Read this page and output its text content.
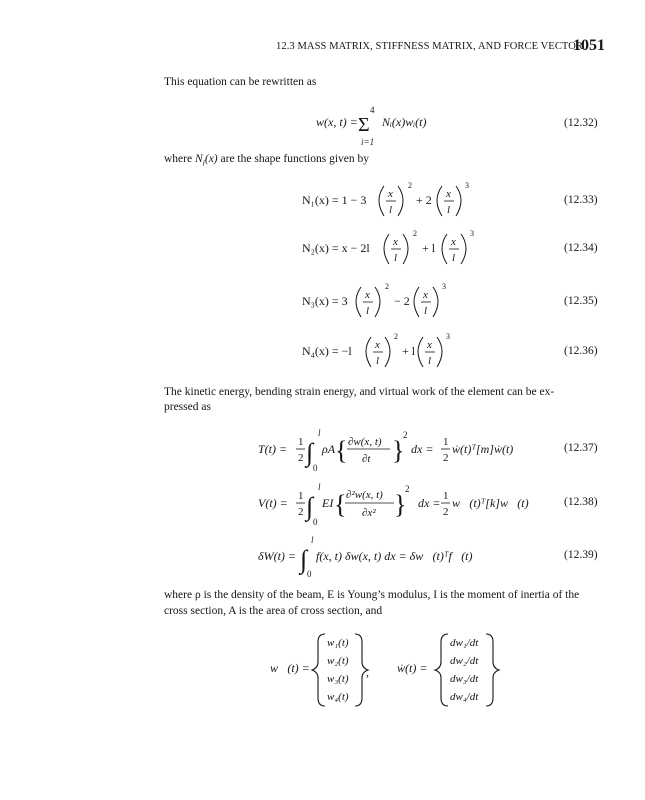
12.3 MASS MATRIX, STIFFNESS MATRIX, AND FORCE VECTOR
1051
This equation can be rewritten as
w(x, t) =
4
Σ
i=1
Nᵢ(x)wᵢ(t)	(12.32)
where $N_i(x)$ are the shape functions given by
N₁(x) = 1 − 3 x
l
2
+ 2 x
l
3
(12.33)
N₂(x) = x − 2l x
l
2
+ l x
l
3
(12.34)
N₃(x) = 3 x
l
2
− 2 x
l
3
(12.35)
N₄(x) = −l x
l
2
+ l x
l
3
(12.36)
The kinetic energy, bending strain energy, and virtual work of the element can be ex-
pressed as
T(t) = 1
2 ∫
l
0
ρA { ∂w(x, t)
∂t }
2
dx = 1
2
ẇ(t)ᵀ[m]ẇ(t)	(12.37)
V(t) = 1
2 ∫
l
0
EI { ∂²w(x, t)
∂x² }
2
dx = 1
2
w⃗(t)ᵀ[k]w⃗(t)	(12.38)
δW(t) = ∫
l
0
f(x, t) δw(x, t) dx = δw⃗(t)ᵀf⃗(t)	(12.39)
where ρ is the density of the beam, E is Young’s modulus, I is the moment of inertia of the
cross section, A is the area of cross section, and
w⃗(t) =
w₁(t)
w₂(t)
w₃(t)
w₄(t)
, ẇ(t) =
dw₁/dt
dw₂/dt
dw₃/dt
dw₄/dt
